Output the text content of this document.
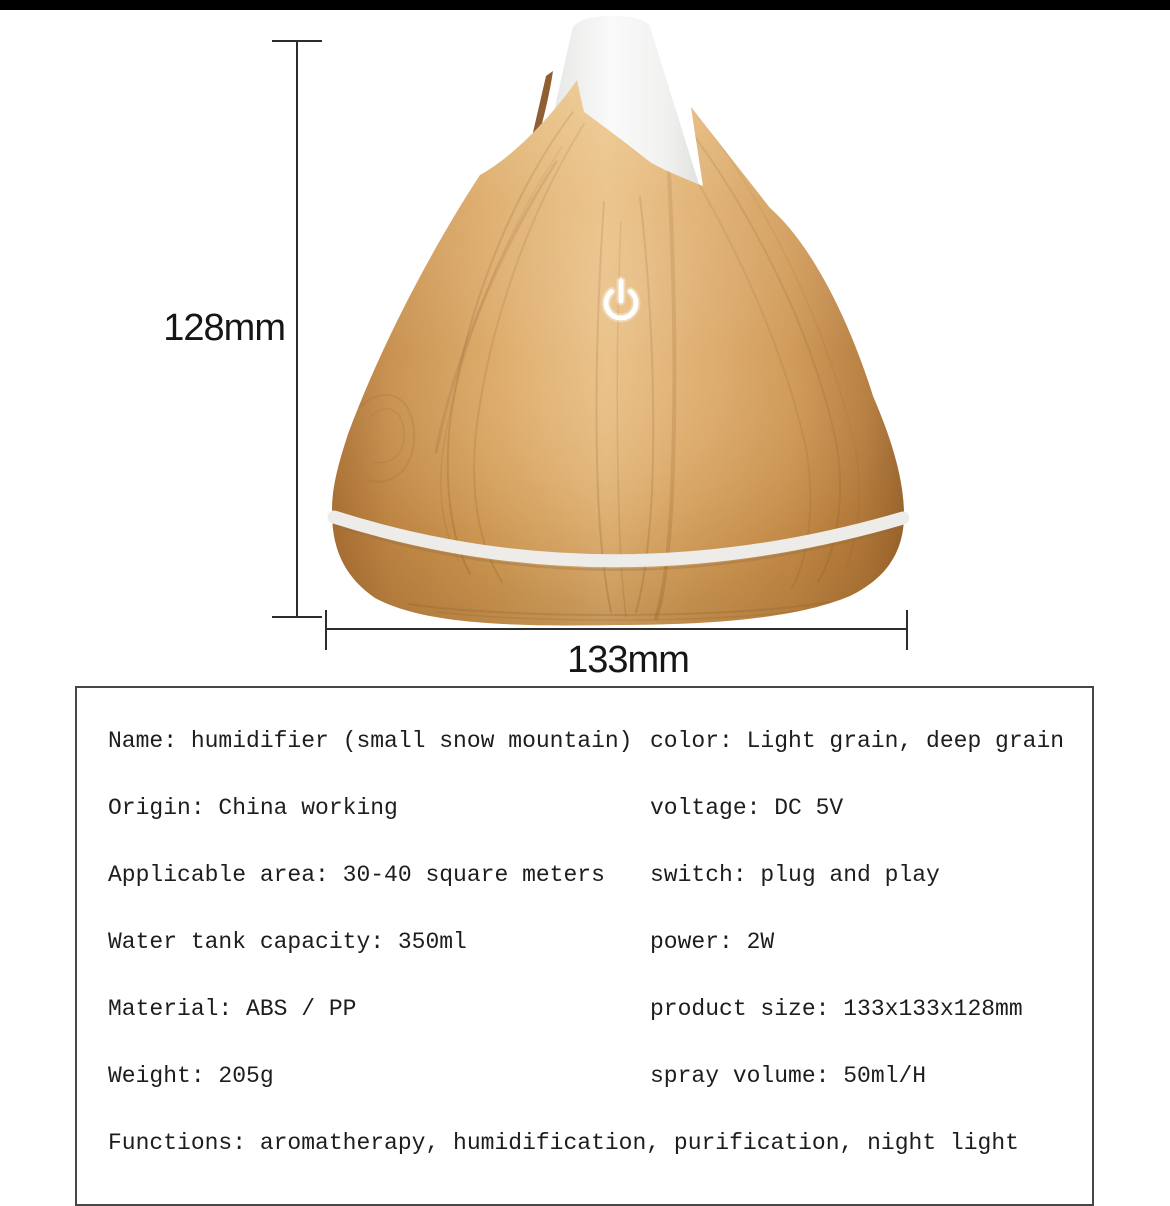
128mm
133mm
Name: humidifier (small snow mountain) color: Light grain, deep grain
Origin: China working	voltage: DC 5V
Applicable area: 30-40 square meters	switch: plug and play
Water tank capacity: 350ml	power: 2W
Material: ABS / PP	product size: 133x133x128mm
Weight: 205g	spray volume: 50ml/H
Functions: aromatherapy, humidification, purification, night light
